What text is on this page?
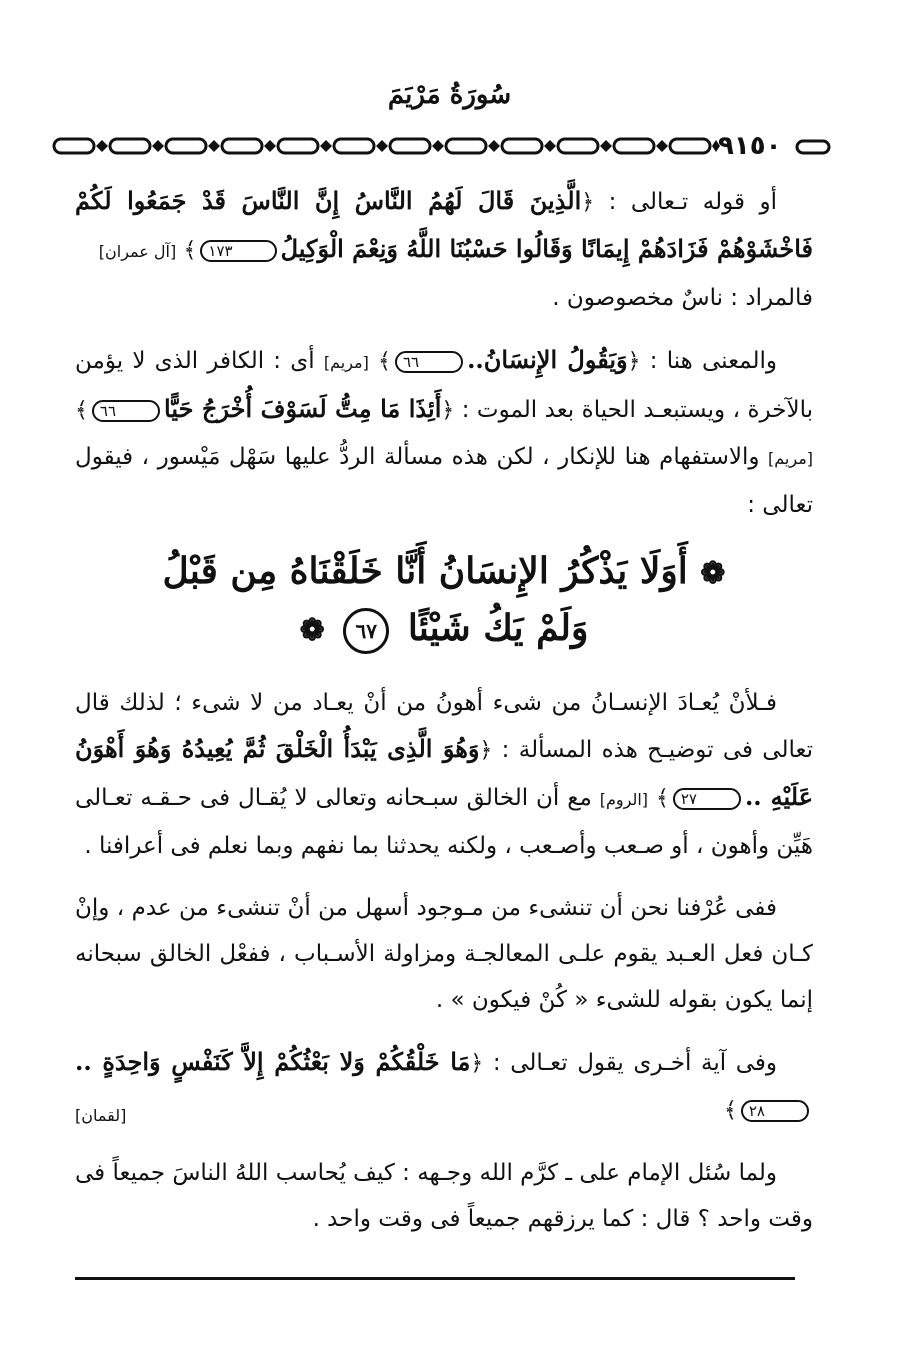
سُورَةُ مَرْيَمَ
٩١٥٠

أو قوله تـعالى : ﴿الَّذِينَ قَالَ لَهُمُ النَّاسُ إِنَّ النَّاسَ قَدْ جَمَعُوا لَكُمْ فَاخْشَوْهُمْ فَزَادَهُمْ إِيمَانًا وَقَالُوا حَسْبُنَا اللَّهُ وَنِعْمَ الْوَكِيلُ١٧٣﴾ [آل عمران]
فالمراد : ناسٌ مخصوصون .

والمعنى هنا : ﴿وَيَقُولُ الإِنسَانُ..٦٦﴾ [مريم] أى : الكافر الذى لا يؤمن بالآخرة ، ويستبعـد الحياة بعد الموت : ﴿أَئِذَا مَا مِتُّ لَسَوْفَ أُخْرَجُ حَيًّا٦٦﴾ [مريم] والاستفهام هنا للإنكار ، لكن هذه مسألة الردُّ عليها سَهْل مَيْسور ، فيقول تعالى :

❁ أَوَلَا يَذْكُرُ الإِنسَانُ أَنَّا خَلَقْنَاهُ مِن قَبْلُ
وَلَمْ يَكُ شَيْئًا ٦٧ ❁

فـلأنْ يُعـادَ الإنسـانُ من شىء أهونُ من أنْ يعـاد من لا شىء ؛ لذلك قال تعالى فى توضيـح هذه المسألة : ﴿وَهُوَ الَّذِى يَبْدَأُ الْخَلْقَ ثُمَّ يُعِيدُهُ وَهُوَ أَهْوَنُ عَلَيْهِ ..٢٧﴾ [الروم] مع أن الخالق سبـحانه وتعالى لا يُقـال فى حـقـه تعـالى هَيِّن وأهون ، أو صـعب وأصـعب ، ولكنه يحدثنا بما نفهم وبما نعلم فى أعرافنا .

ففى عُرْفنا نحن أن تنشىء من مـوجود أسهل من أنْ تنشىء من عدم ، وإنْ كـان فعل العـبد يقوم علـى المعالجـة ومزاولة الأسـباب ، ففعْل الخالق سبحانه إنما يكون بقوله للشىء « كُنْ فيكون » .

وفى آية أخـرى يقول تعـالى : ﴿مَا خَلْقُكُمْ وَلا بَعْثُكُمْ إِلاَّ كَنَفْسٍ وَاحِدَةٍ ..٢٨﴾

[لقمان]

ولما سُئل الإمام على ـ كرَّم الله وجـهه : كيف يُحاسب اللهُ الناسَ جميعاً فى وقت واحد ؟ قال : كما يرزقهم جميعاً فى وقت واحد .
